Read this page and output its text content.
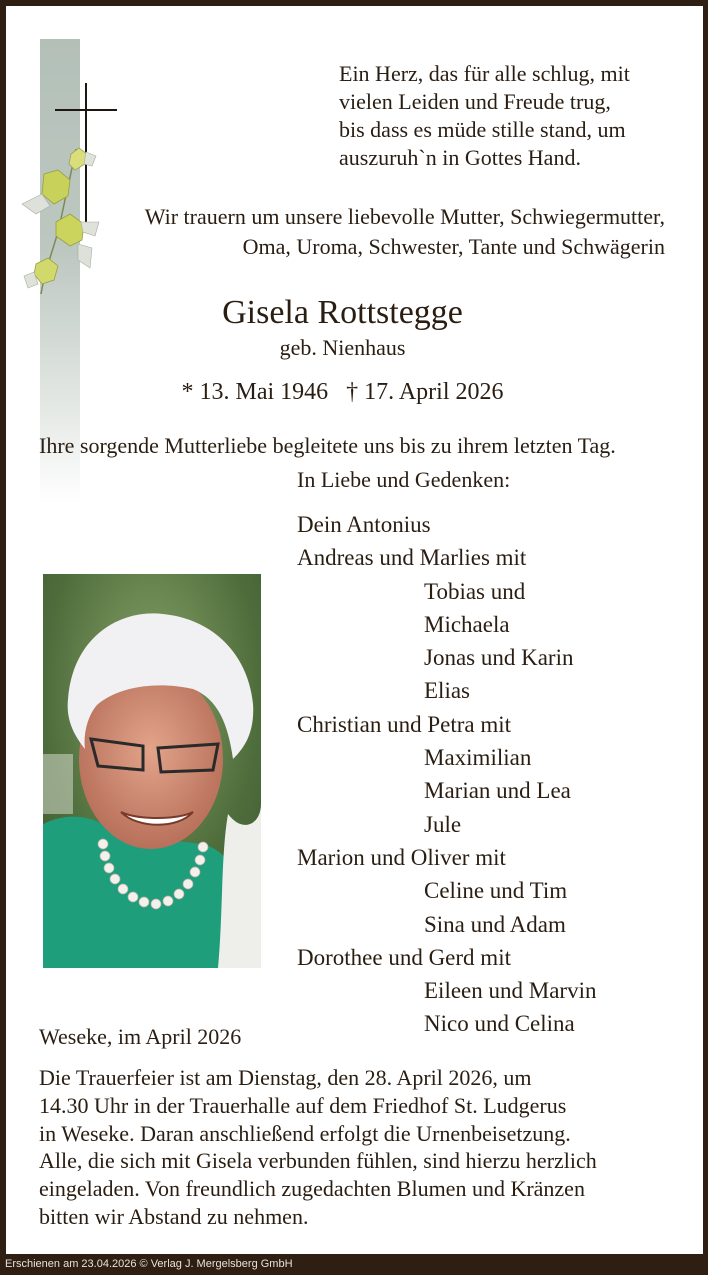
Ein Herz, das für alle schlug, mit
vielen Leiden und Freude trug,
bis dass es müde stille stand, um
auszuruh`n in Gottes Hand.
Wir trauern um unsere liebevolle Mutter, Schwiegermutter,
Oma, Uroma, Schwester, Tante und Schwägerin
Gisela Rottstegge
geb. Nienhaus
* 13. Mai 1946   † 17. April 2026
Ihre sorgende Mutterliebe begleitete uns bis zu ihrem letzten Tag.
In Liebe und Gedenken:
Dein Antonius
Andreas und Marlies mit
Tobias und
Michaela
Jonas und Karin
Elias
Christian und Petra mit
Maximilian
Marian und Lea
Jule
Marion und Oliver mit
Celine und Tim
Sina und Adam
Dorothee und Gerd mit
Eileen und Marvin
Nico und Celina
Weseke, im April 2026
Die Trauerfeier ist am Dienstag, den 28. April 2026, um
14.30 Uhr in der Trauerhalle auf dem Friedhof St. Ludgerus
in Weseke. Daran anschließend erfolgt die Urnenbeisetzung.
Alle, die sich mit Gisela verbunden fühlen, sind hierzu herzlich
eingeladen. Von freundlich zugedachten Blumen und Kränzen
bitten wir Abstand zu nehmen.
Erschienen am 23.04.2026 © Verlag J. Mergelsberg GmbH
